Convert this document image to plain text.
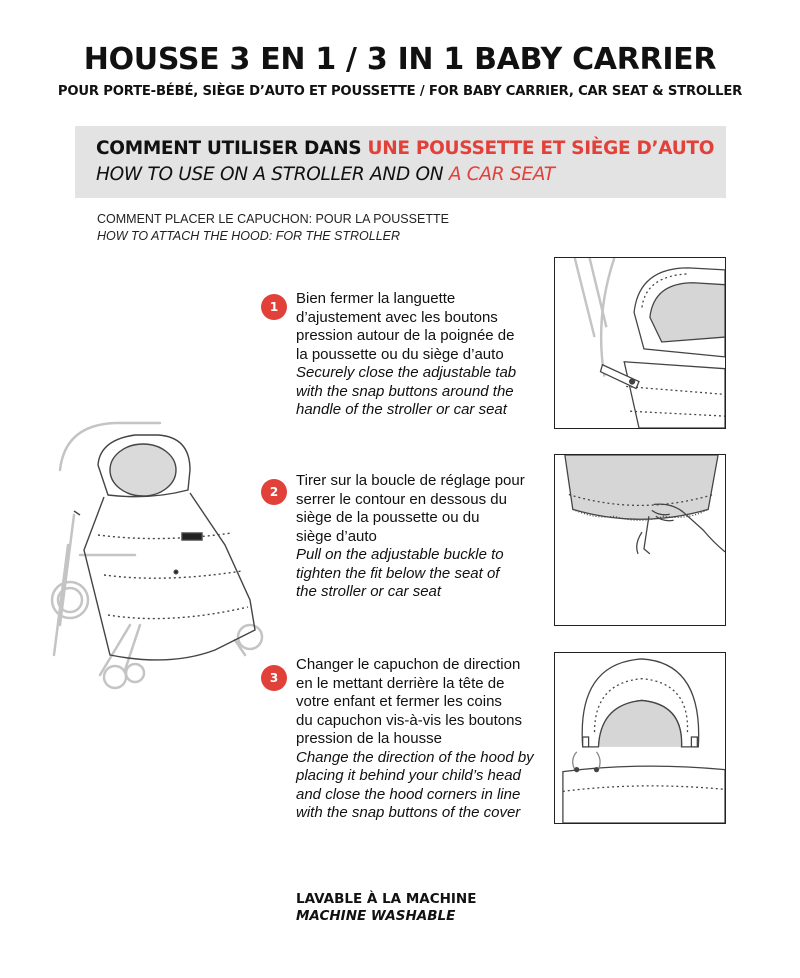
HOUSSE 3 EN 1 / 3 IN 1 BABY CARRIER
POUR PORTE-BÉBÉ, SIÈGE D’AUTO ET POUSSETTE / FOR BABY CARRIER, CAR SEAT & STROLLER
COMMENT UTILISER DANS UNE POUSSETTE ET SIÈGE D’AUTO
HOW TO USE ON A STROLLER AND ON A CAR SEAT
COMMENT PLACER LE CAPUCHON: POUR LA POUSSETTE
HOW TO ATTACH THE HOOD: FOR THE STROLLER
1	Bien fermer la languette
d’ajustement avec les boutons
pression autour de la poignée de
la poussette ou du siège d’auto
Securely close the adjustable tab
with the snap buttons around the
handle of the stroller or car seat
2
Tirer sur la boucle de réglage pour
serrer le contour en dessous du
siège de la poussette ou du
siège d’auto
Pull on the adjustable buckle to
tighten the fit below the seat of
the stroller or car seat
3
Changer le capuchon de direction
en le mettant derrière la tête de
votre enfant et fermer les coins
du capuchon vis-à-vis les boutons
pression de la housse
Change the direction of the hood by
placing it behind your child’s head
and close the hood corners in line
with the snap buttons of the cover
LAVABLE À LA MACHINE
MACHINE WASHABLE
